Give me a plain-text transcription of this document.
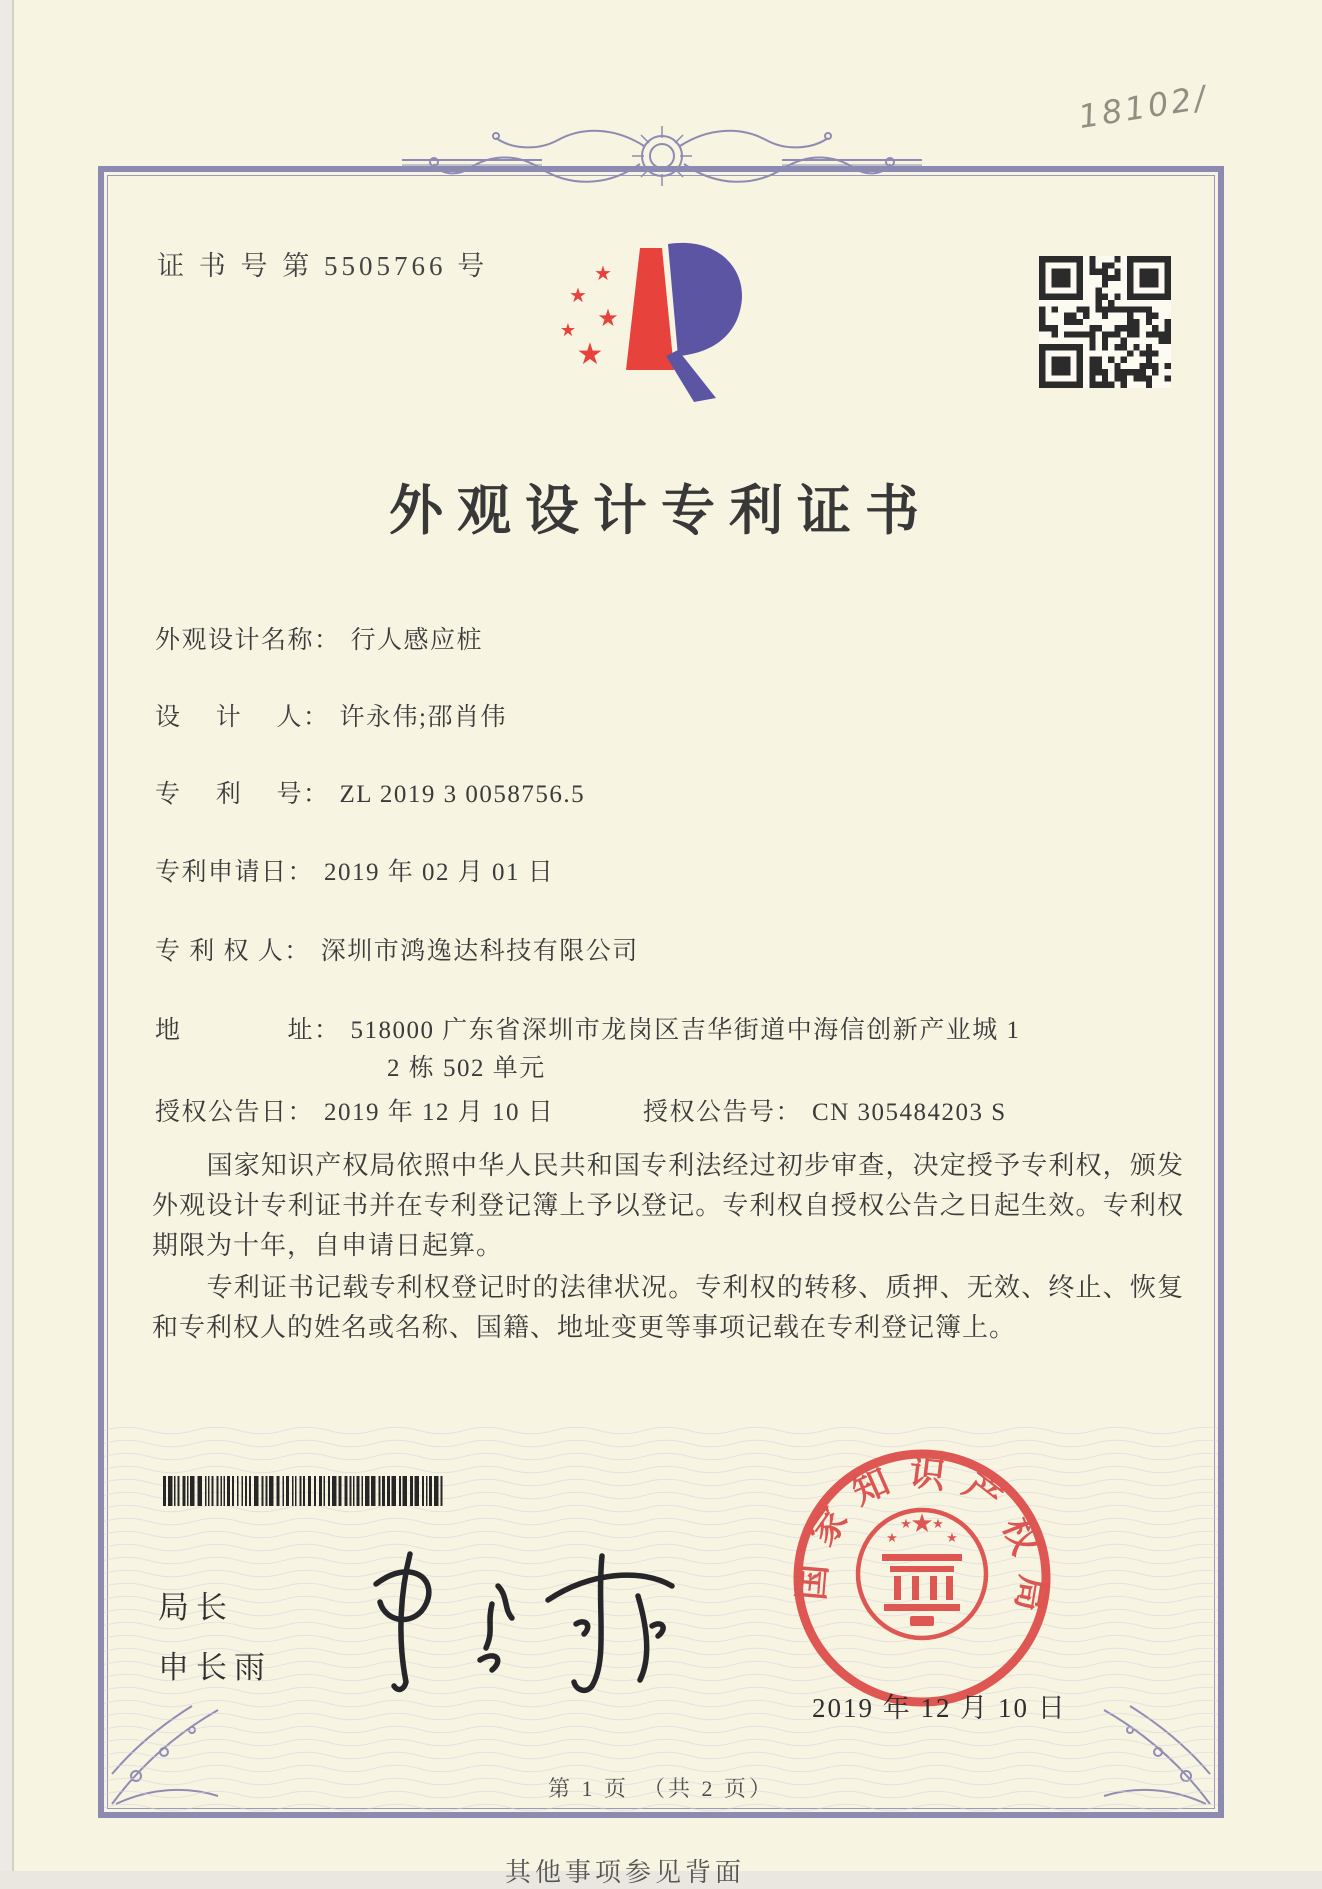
18102/
证 书 号 第 5505766 号	★
★
★
★
★
外观设计专利证书
外观设计名称： 行人感应桩
设　 计　 人： 许永伟;邵肖伟
专　 利　 号： ZL 2019 3 0058756.5
专利申请日： 2019 年 02 月 01 日
专 利 权 人： 深圳市鸿逸达科技有限公司
地　　　　址： 518000 广东省深圳市龙岗区吉华街道中海信创新产业城 1
2 栋 502 单元
授权公告日： 2019 年 12 月 10 日	授权公告号： CN 305484203 S

国家知识产权局依照中华人民共和国专利法经过初步审查，决定授予专利权，颁发外观设计专利证书并在专利登记簿上予以登记。专利权自授权公告之日起生效。专利权期限为十年，自申请日起算。

专利证书记载专利权登记时的法律状况。专利权的转移、质押、无效、终止、恢复和专利权人的姓名或名称、国籍、地址变更等事项记载在专利登记簿上。

局长
申长雨
国家知识产权局
★
★
★ ★
★
2019 年 12 月 10 日
其他事项参见背面
